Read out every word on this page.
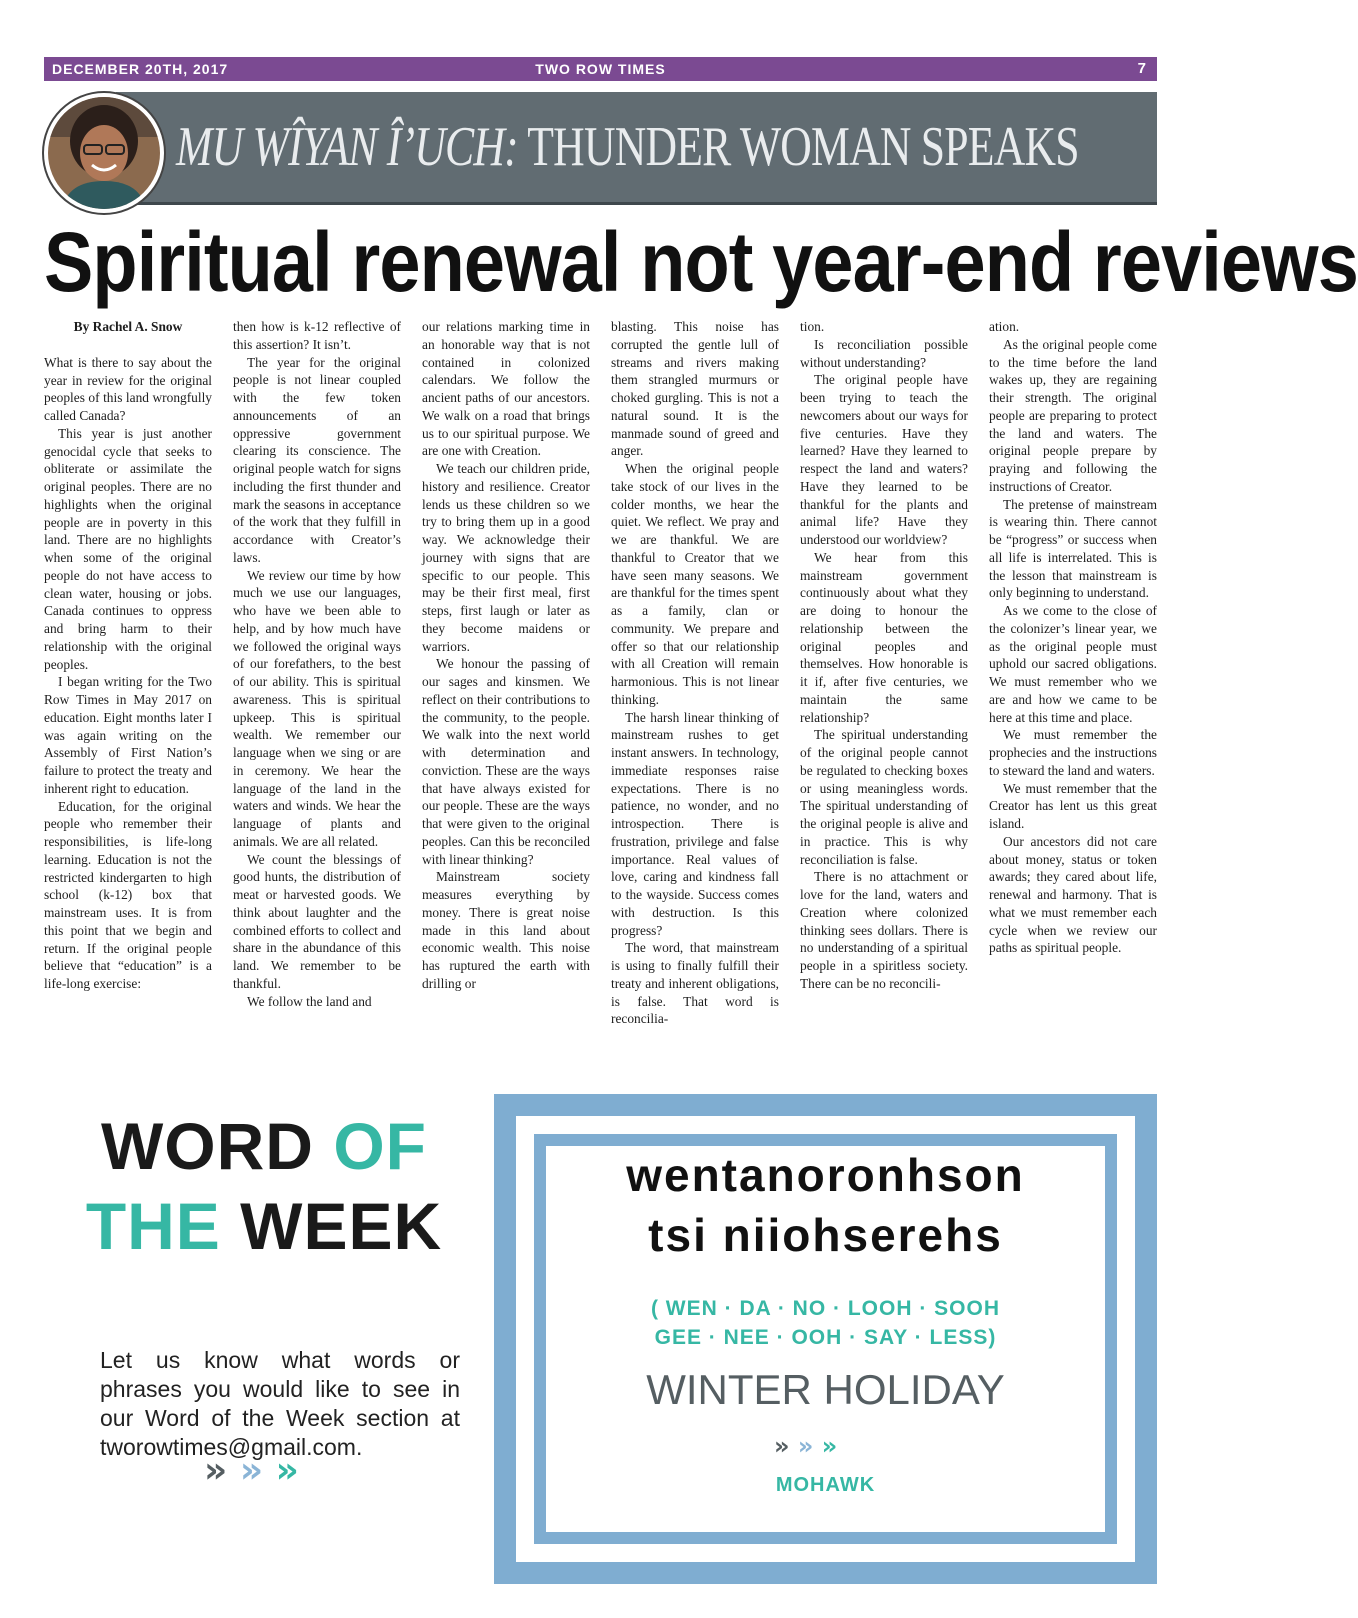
DECEMBER 20TH, 2017	TWO ROW TIMES	7
MU WÎYAN ÎʼUCH: THUNDER WOMAN SPEAKS
Spiritual renewal not year-end reviews

By Rachel A. Snow

What is there to say about the year in review for the original peoples of this land wrongfully called Canada?

This year is just another genocidal cycle that seeks to obliterate or assimilate the original peoples. There are no highlights when the original people are in poverty in this land. There are no highlights when some of the original people do not have access to clean water, housing or jobs. Canada continues to oppress and bring harm to their relationship with the original peoples.

I began writing for the Two Row Times in May 2017 on education. Eight months later I was again writing on the Assembly of First Nation’s failure to protect the treaty and inherent right to education.

Education, for the original people who remember their responsibilities, is life-long learning. Education is not the restricted kindergarten to high school (k-12) box that mainstream uses. It is from this point that we begin and return. If the original people believe that “education” is a life-long exercise:

then how is k-12 reflective of this assertion? It isn’t.

The year for the original people is not linear coupled with the few token announcements of an oppressive government clearing its conscience. The original people watch for signs including the first thunder and mark the seasons in acceptance of the work that they fulfill in accordance with Creator’s laws.

We review our time by how much we use our languages, who have we been able to help, and by how much have we followed the original ways of our forefathers, to the best of our ability. This is spiritual awareness. This is spiritual upkeep. This is spiritual wealth. We remember our language when we sing or are in ceremony. We hear the language of the land in the waters and winds. We hear the language of plants and animals. We are all related.

We count the blessings of good hunts, the distribution of meat or harvested goods. We think about laughter and the combined efforts to collect and share in the abundance of this land. We remember to be thankful.

We follow the land and

our relations marking time in an honorable way that is not contained in colonized calendars. We follow the ancient paths of our ancestors. We walk on a road that brings us to our spiritual purpose. We are one with Creation.

We teach our children pride, history and resilience. Creator lends us these children so we try to bring them up in a good way. We acknowledge their journey with signs that are specific to our people. This may be their first meal, first steps, first laugh or later as they become maidens or warriors.

We honour the passing of our sages and kinsmen. We reflect on their contributions to the community, to the people. We walk into the next world with determination and conviction. These are the ways that have always existed for our people. These are the ways that were given to the original peoples. Can this be reconciled with linear thinking?

Mainstream society measures everything by money. There is great noise made in this land about economic wealth. This noise has ruptured the earth with drilling or

blasting. This noise has corrupted the gentle lull of streams and rivers making them strangled murmurs or choked gurgling. This is not a natural sound. It is the manmade sound of greed and anger.

When the original people take stock of our lives in the colder months, we hear the quiet. We reflect. We pray and we are thankful. We are thankful to Creator that we have seen many seasons. We are thankful for the times spent as a family, clan or community. We prepare and offer so that our relationship with all Creation will remain harmonious. This is not linear thinking.

The harsh linear thinking of mainstream rushes to get instant answers. In technology, immediate responses raise expectations. There is no patience, no wonder, and no introspection. There is frustration, privilege and false importance. Real values of love, caring and kindness fall to the wayside. Success comes with destruction. Is this progress?

The word, that mainstream is using to finally fulfill their treaty and inherent obligations, is false. That word is reconcilia-

tion.

Is reconciliation possible without understanding?

The original people have been trying to teach the newcomers about our ways for five centuries. Have they learned? Have they learned to respect the land and waters? Have they learned to be thankful for the plants and animal life? Have they understood our worldview?

We hear from this mainstream government continuously about what they are doing to honour the relationship between the original peoples and themselves. How honorable is it if, after five centuries, we maintain the same relationship?

The spiritual understanding of the original people cannot be regulated to checking boxes or using meaningless words. The spiritual understanding of the original people is alive and in practice. This is why reconciliation is false.

There is no attachment or love for the land, waters and Creation where colonized thinking sees dollars. There is no understanding of a spiritual people in a spiritless society. There can be no reconcili-

ation.

As the original people come to the time before the land wakes up, they are regaining their strength. The original people are preparing to protect the land and waters. The original people prepare by praying and following the instructions of Creator.

The pretense of mainstream is wearing thin. There cannot be “progress” or success when all life is interrelated. This is the lesson that mainstream is only beginning to understand.

As we come to the close of the colonizer’s linear year, we as the original people must uphold our sacred obligations. We must remember who we are and how we came to be here at this time and place.

We must remember the prophecies and the instructions to steward the land and waters.

We must remember that the Creator has lent us this great island.

Our ancestors did not care about money, status or token awards; they cared about life, renewal and harmony. That is what we must remember each cycle when we review our paths as spiritual people.

WORD OF
THE WEEK
Let us know what words or phrases you would like to see in our Word of the Week section at tworowtimes@gmail.com.
» » »
wentanoronhson
tsi niiohserehs
( WEN · DA · NO · LOOH · SOOH
GEE · NEE · OOH · SAY · LESS)
WINTER HOLIDAY
» » »
MOHAWK
